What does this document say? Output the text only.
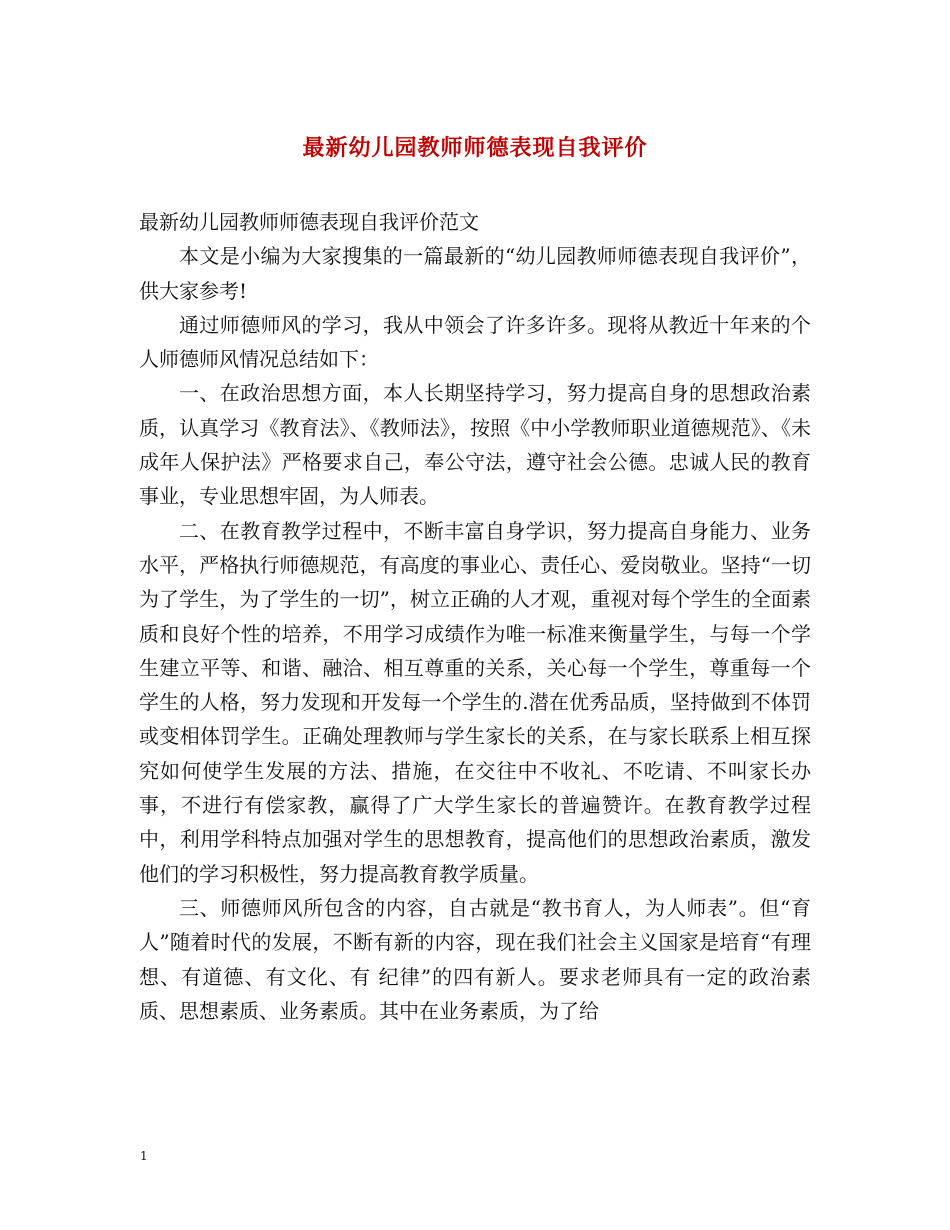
最新幼儿园教师师德表现自我评价

最新幼儿园教师师德表现自我评价范文

本文是小编为大家搜集的一篇最新的“幼儿园教师师德表现自我评价”，供大家参考!

通过师德师风的学习，我从中领会了许多许多。现将从教近十年来的个人师德师风情况总结如下：

一、在政治思想方面，本人长期坚持学习，努力提高自身的思想政治素质，认真学习《教育法》、《教师法》，按照《中小学教师职业道德规范》、《未成年人保护法》严格要求自己，奉公守法，遵守社会公德。忠诚人民的教育事业，专业思想牢固，为人师表。

二、在教育教学过程中，不断丰富自身学识，努力提高自身能力、业务水平，严格执行师德规范，有高度的事业心、责任心、爱岗敬业。坚持“一切为了学生，为了学生的一切”，树立正确的人才观，重视对每个学生的全面素质和良好个性的培养，不用学习成绩作为唯一标准来衡量学生，与每一个学生建立平等、和谐、融洽、相互尊重的关系，关心每一个学生，尊重每一个学生的人格，努力发现和开发每一个学生的.潜在优秀品质，坚持做到不体罚或变相体罚学生。正确处理教师与学生家长的关系，在与家长联系上相互探究如何使学生发展的方法、措施，在交往中不收礼、不吃请、不叫家长办事，不进行有偿家教，赢得了广大学生家长的普遍赞许。在教育教学过程中，利用学科特点加强对学生的思想教育，提高他们的思想政治素质，激发他们的学习积极性，努力提高教育教学质量。

三、师德师风所包含的内容，自古就是“教书育人，为人师表”。但“育人”随着时代的发展，不断有新的内容，现在我们社会主义国家是培育“有理想、有道德、有文化、有 纪律”的四有新人。要求老师具有一定的政治素质、思想素质、业务素质。其中在业务素质，为了给

1
